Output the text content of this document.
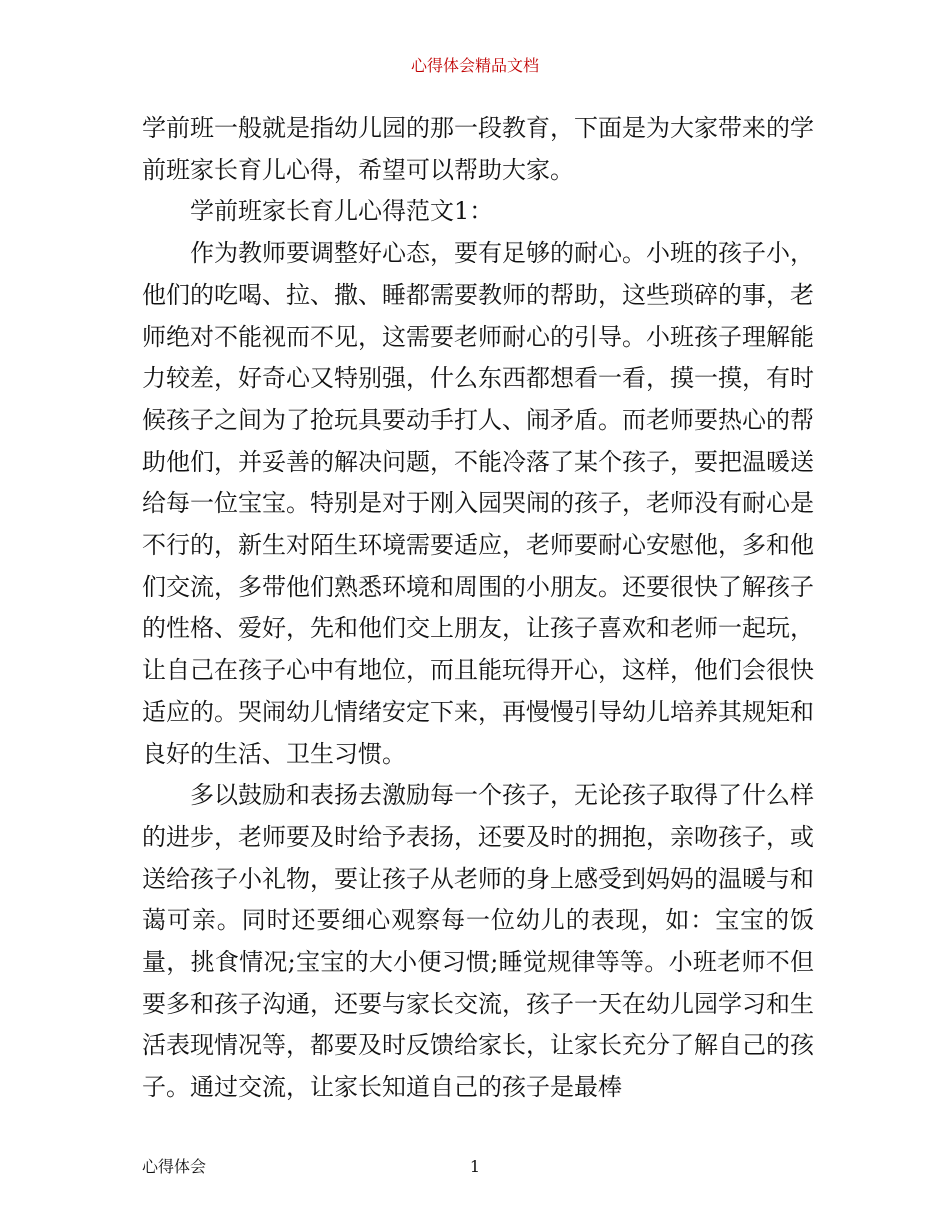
心得体会精品文档

学前班一般就是指幼儿园的那一段教育，下面是为大家带来的学前班家长育儿心得，希望可以帮助大家。

学前班家长育儿心得范文1：

作为教师要调整好心态，要有足够的耐心。小班的孩子小，他们的吃喝、拉、撒、睡都需要教师的帮助，这些琐碎的事，老师绝对不能视而不见，这需要老师耐心的引导。小班孩子理解能力较差，好奇心又特别强，什么东西都想看一看，摸一摸，有时候孩子之间为了抢玩具要动手打人、闹矛盾。而老师要热心的帮助他们，并妥善的解决问题，不能冷落了某个孩子，要把温暖送给每一位宝宝。特别是对于刚入园哭闹的孩子，老师没有耐心是不行的，新生对陌生环境需要适应，老师要耐心安慰他，多和他们交流，多带他们熟悉环境和周围的小朋友。还要很快了解孩子的性格、爱好，先和他们交上朋友，让孩子喜欢和老师一起玩，让自己在孩子心中有地位，而且能玩得开心，这样，他们会很快适应的。哭闹幼儿情绪安定下来，再慢慢引导幼儿培养其规矩和良好的生活、卫生习惯。

多以鼓励和表扬去激励每一个孩子，无论孩子取得了什么样的进步，老师要及时给予表扬，还要及时的拥抱，亲吻孩子，或送给孩子小礼物，要让孩子从老师的身上感受到妈妈的温暖与和蔼可亲。同时还要细心观察每一位幼儿的表现，如：宝宝的饭量，挑食情况;宝宝的大小便习惯;睡觉规律等等。小班老师不但要多和孩子沟通，还要与家长交流，孩子一天在幼儿园学习和生活表现情况等，都要及时反馈给家长，让家长充分了解自己的孩子。通过交流，让家长知道自己的孩子是最棒

心得体会	1
